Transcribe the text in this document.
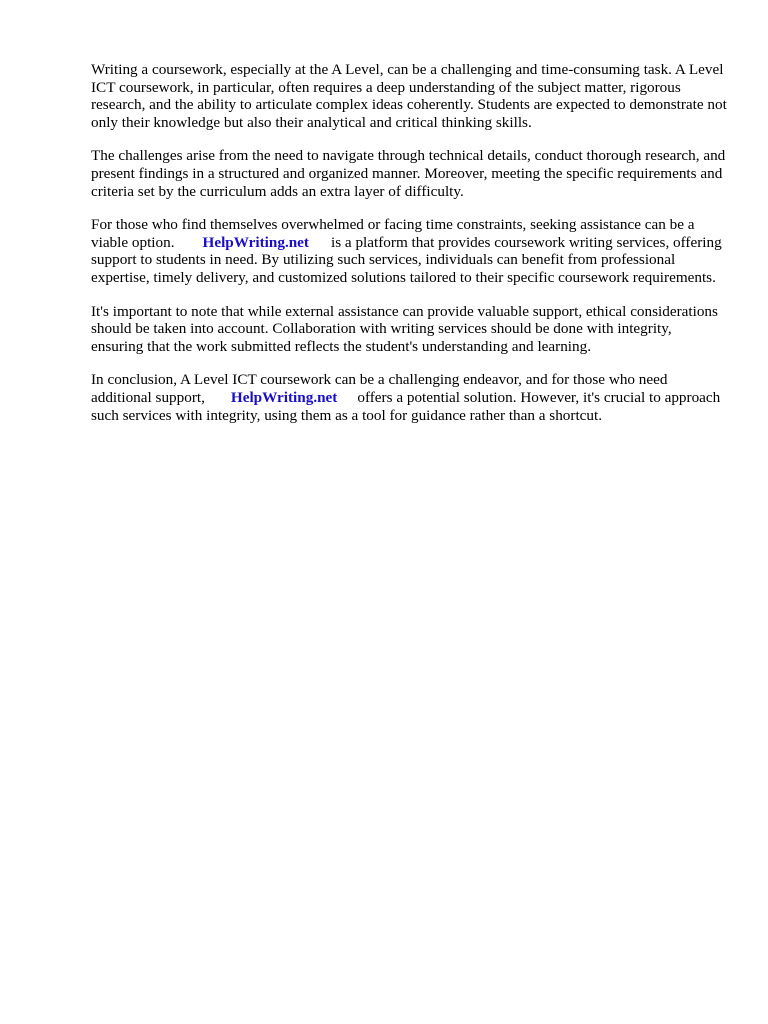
Writing a coursework, especially at the A Level, can be a challenging and time-consuming task. A Level ICT coursework, in particular, often requires a deep understanding of the subject matter, rigorous research, and the ability to articulate complex ideas coherently. Students are expected to demonstrate not only their knowledge but also their analytical and critical thinking skills.

The challenges arise from the need to navigate through technical details, conduct thorough research, and present findings in a structured and organized manner. Moreover, meeting the specific requirements and criteria set by the curriculum adds an extra layer of difficulty.

For those who find themselves overwhelmed or facing time constraints, seeking assistance can be a viable option. HelpWriting.net is a platform that provides coursework writing services, offering support to students in need. By utilizing such services, individuals can benefit from professional expertise, timely delivery, and customized solutions tailored to their specific coursework requirements.

It's important to note that while external assistance can provide valuable support, ethical considerations should be taken into account. Collaboration with writing services should be done with integrity, ensuring that the work submitted reflects the student's understanding and learning.

In conclusion, A Level ICT coursework can be a challenging endeavor, and for those who need additional support, HelpWriting.net offers a potential solution. However, it's crucial to approach such services with integrity, using them as a tool for guidance rather than a shortcut.
